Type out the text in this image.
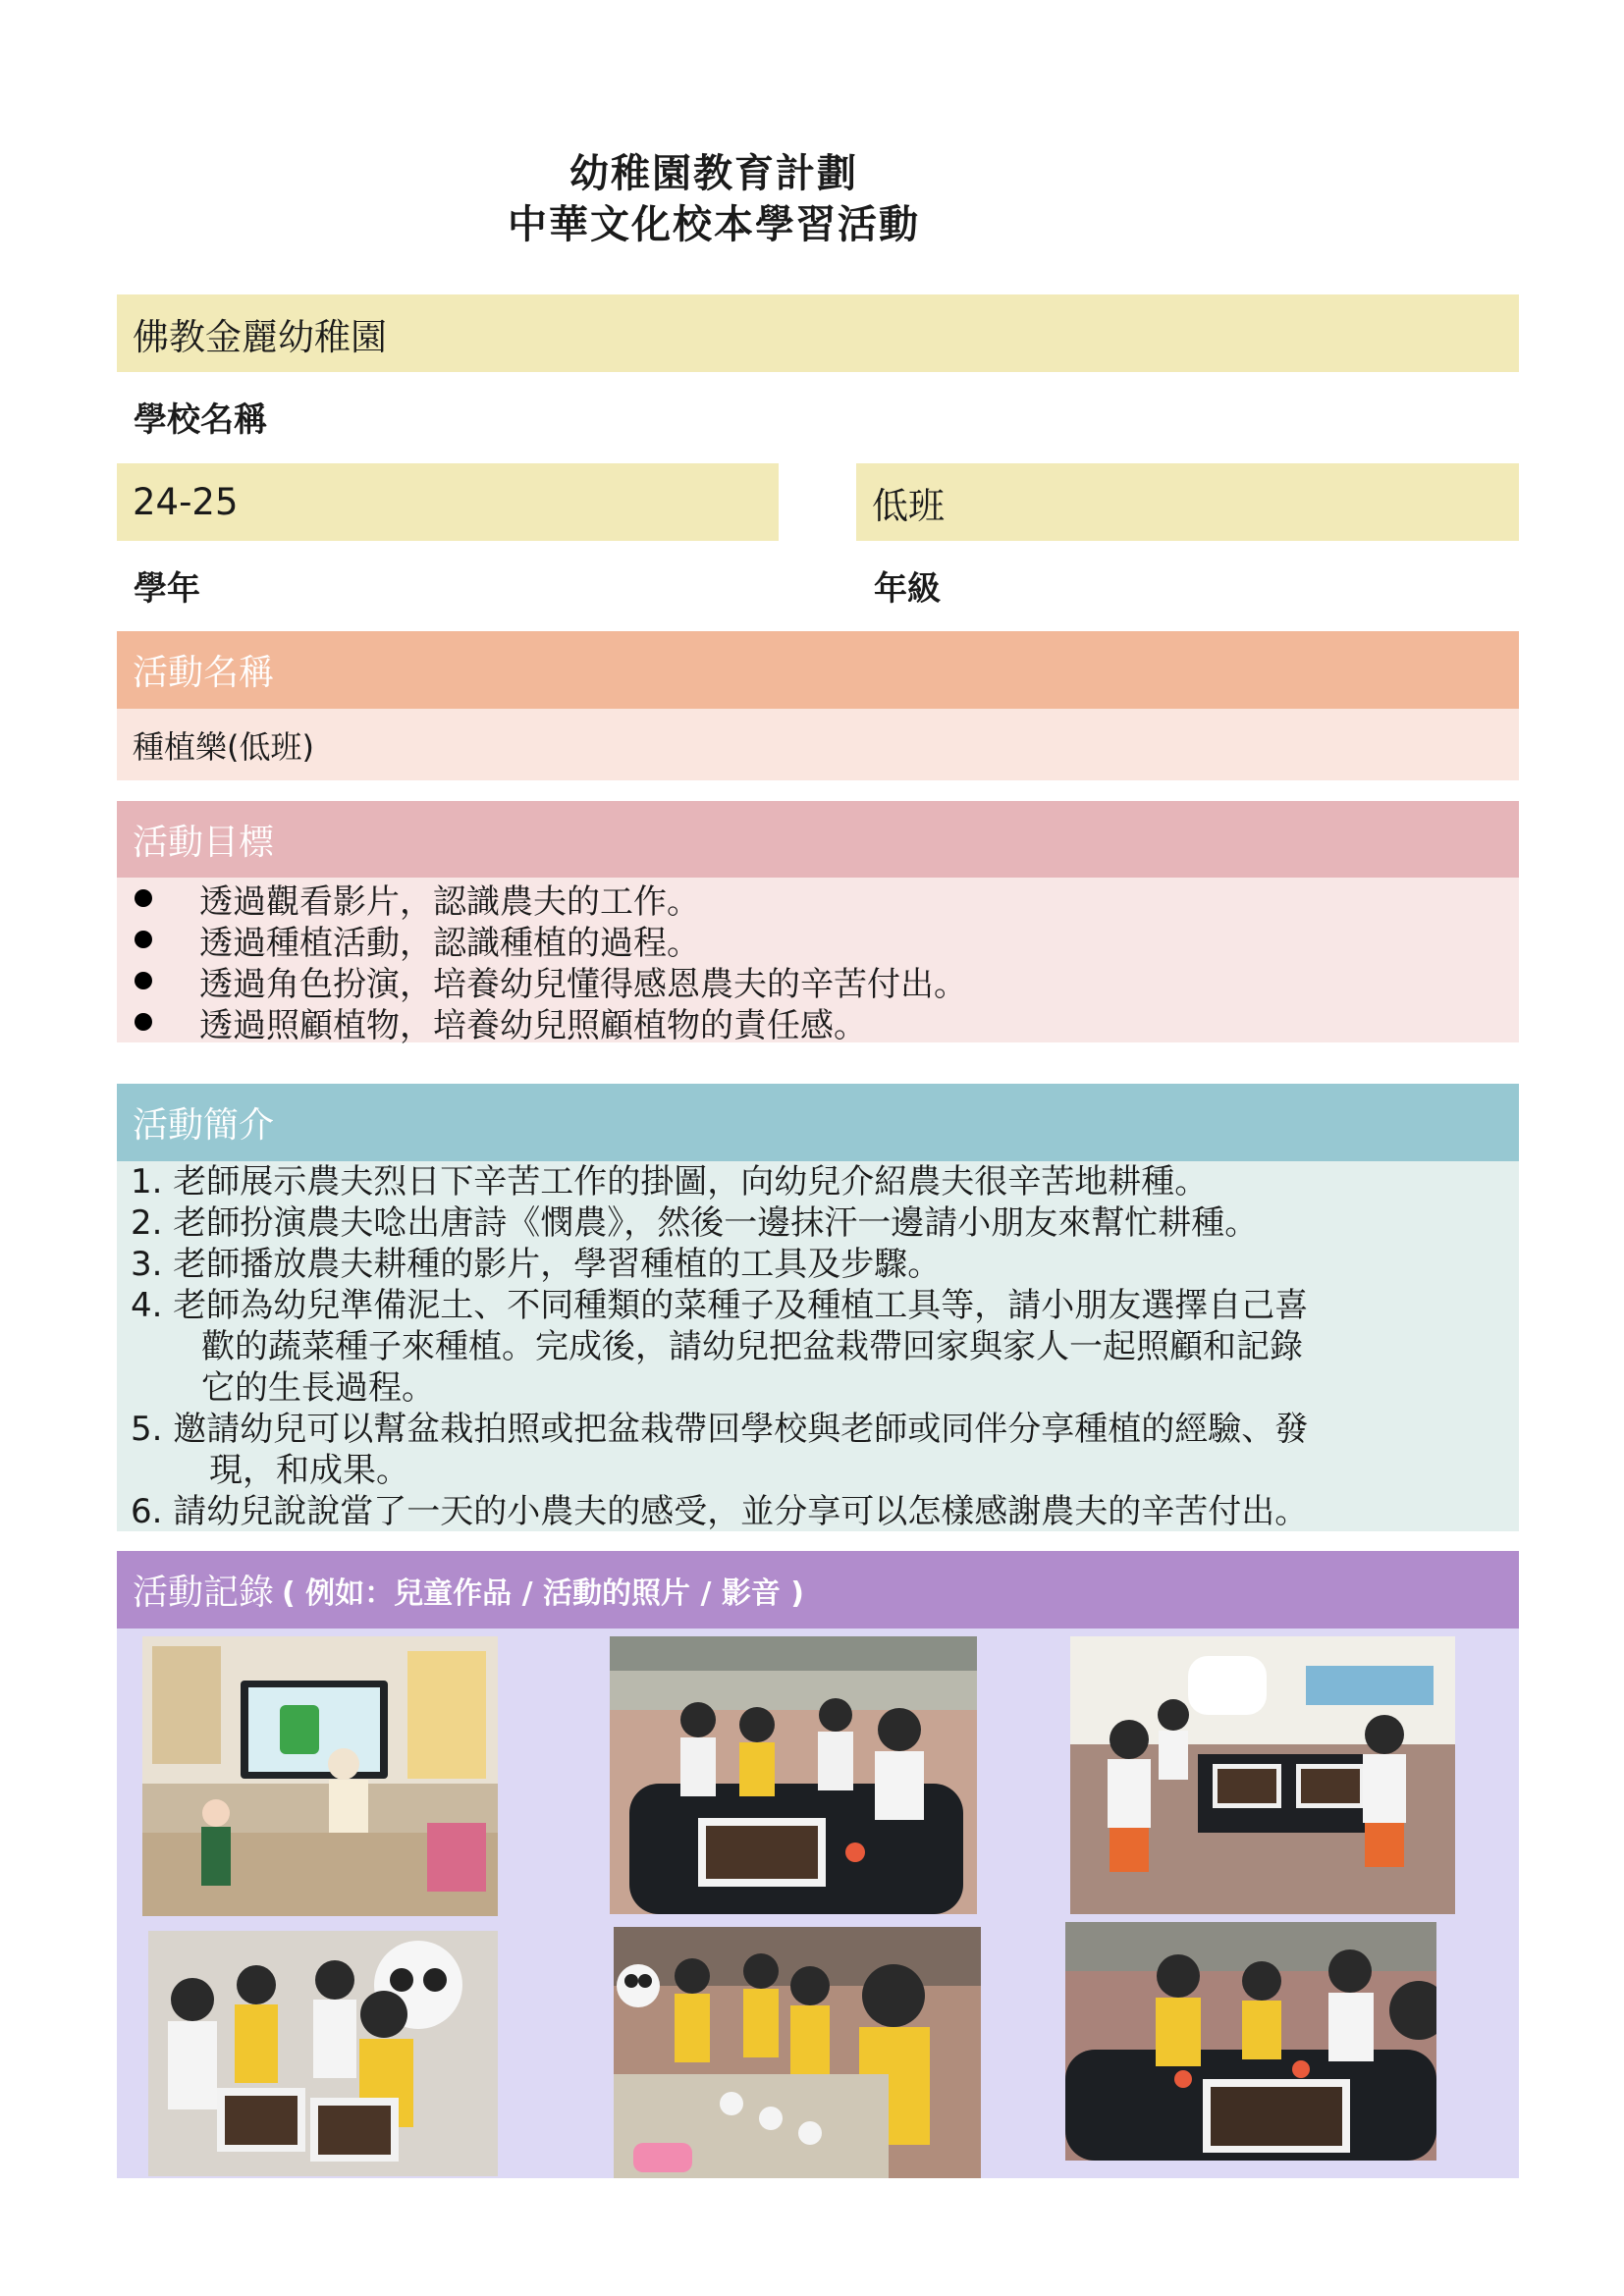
幼稚園教育計劃
中華文化校本學習活動
佛教金麗幼稚園
學校名稱
24-25	低班
學年	年級
活動名稱
種植樂(低班)
活動目標
透過觀看影片，認識農夫的工作。
透過種植活動，認識種植的過程。
透過角色扮演，培養幼兒懂得感恩農夫的辛苦付出。
透過照顧植物，培養幼兒照顧植物的責任感。
活動簡介
1. 老師展示農夫烈日下辛苦工作的掛圖，向幼兒介紹農夫很辛苦地耕種。
2. 老師扮演農夫唸出唐詩《憫農》，然後一邊抹汗一邊請小朋友來幫忙耕種。
3. 老師播放農夫耕種的影片，學習種植的工具及步驟。
4. 老師為幼兒準備泥土、不同種類的菜種子及種植工具等，請小朋友選擇自己喜
歡的蔬菜種子來種植。完成後，請幼兒把盆栽帶回家與家人一起照顧和記錄
它的生長過程。
5. 邀請幼兒可以幫盆栽拍照或把盆栽帶回學校與老師或同伴分享種植的經驗、發
現，和成果。
6. 請幼兒說說當了一天的小農夫的感受，並分享可以怎樣感謝農夫的辛苦付出。
活動記錄 ( 例如：兒童作品 / 活動的照片 / 影音 )
